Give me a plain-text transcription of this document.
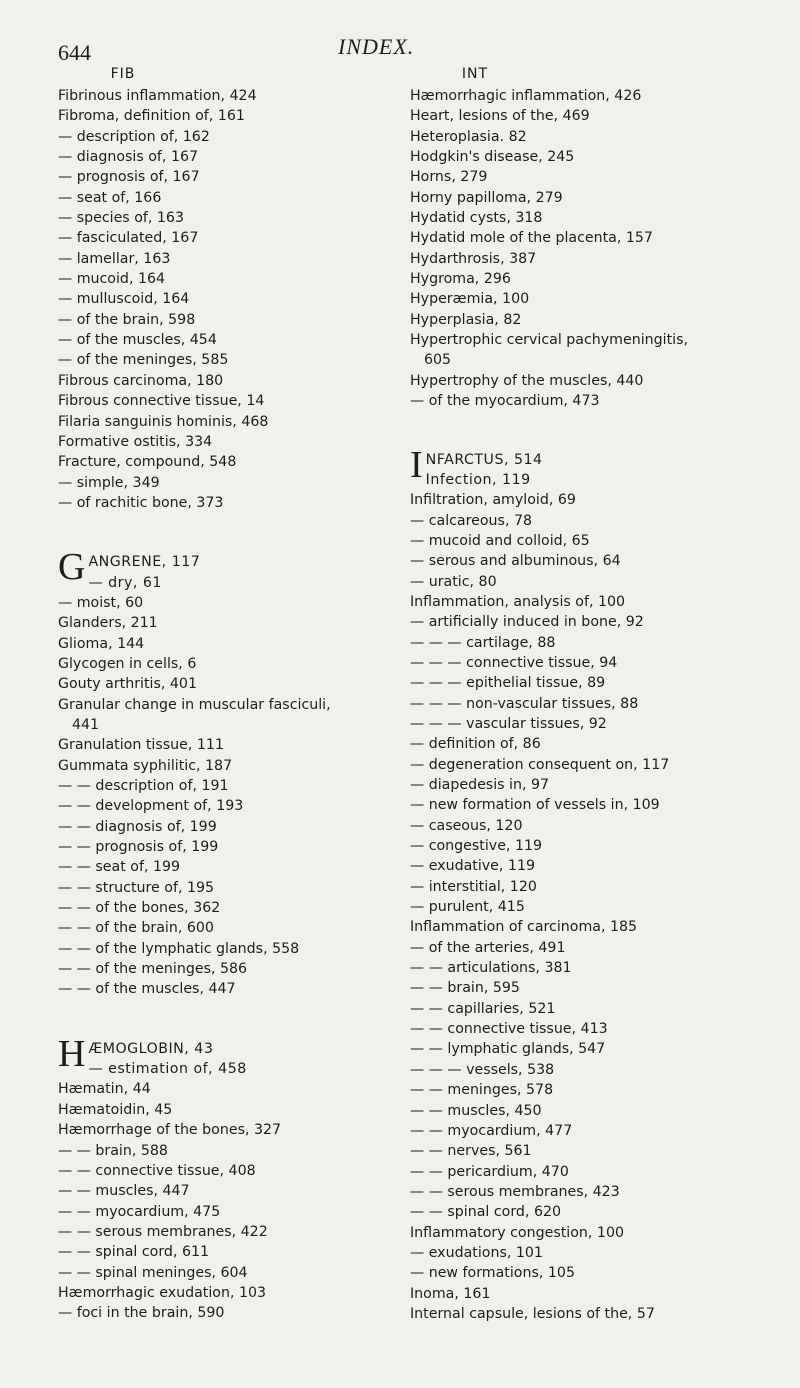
644	INDEX.
FIB
Fibrinous inflammation, 424
Fibroma, definition of, 161
— description of, 162
— diagnosis of, 167
— prognosis of, 167
— seat of, 166
— species of, 163
— fasciculated, 167
— lamellar, 163
— mucoid, 164
— mulluscoid, 164
— of the brain, 598
— of the muscles, 454
— of the meninges, 585
Fibrous carcinoma, 180
Fibrous connective tissue, 14
Filaria sanguinis hominis, 468
Formative ostitis, 334
Fracture, compound, 548
— simple, 349
— of rachitic bone, 373
G ANGRENE, 117
— dry, 61
— moist, 60
Glanders, 211
Glioma, 144
Glycogen in cells, 6
Gouty arthritis, 401
Granular change in muscular fasciculi,
441
Granulation tissue, 111
Gummata syphilitic, 187
— — description of, 191
— — development of, 193
— — diagnosis of, 199
— — prognosis of, 199
— — seat of, 199
— — structure of, 195
— — of the bones, 362
— — of the brain, 600
— — of the lymphatic glands, 558
— — of the meninges, 586
— — of the muscles, 447
H ÆMOGLOBIN, 43
— estimation of, 458
Hæmatin, 44
Hæmatoidin, 45
Hæmorrhage of the bones, 327
— — brain, 588
— — connective tissue, 408
— — muscles, 447
— — myocardium, 475
— — serous membranes, 422
— — spinal cord, 611
— — spinal meninges, 604
Hæmorrhagic exudation, 103
— foci in the brain, 590
INT
Hæmorrhagic inflammation, 426
Heart, lesions of the, 469
Heteroplasia. 82
Hodgkin's disease, 245
Horns, 279
Horny papilloma, 279
Hydatid cysts, 318
Hydatid mole of the placenta, 157
Hydarthrosis, 387
Hygroma, 296
Hyperæmia, 100
Hyperplasia, 82
Hypertrophic cervical pachymeningitis,
605
Hypertrophy of the muscles, 440
— of the myocardium, 473
I NFARCTUS, 514
Infection, 119
Infiltration, amyloid, 69
— calcareous, 78
— mucoid and colloid, 65
— serous and albuminous, 64
— uratic, 80
Inflammation, analysis of, 100
— artificially induced in bone, 92
— — — cartilage, 88
— — — connective tissue, 94
— — — epithelial tissue, 89
— — — non-vascular tissues, 88
— — — vascular tissues, 92
— definition of, 86
— degeneration consequent on, 117
— diapedesis in, 97
— new formation of vessels in, 109
— caseous, 120
— congestive, 119
— exudative, 119
— interstitial, 120
— purulent, 415
Inflammation of carcinoma, 185
— of the arteries, 491
— — articulations, 381
— — brain, 595
— — capillaries, 521
— — connective tissue, 413
— — lymphatic glands, 547
— — — vessels, 538
— — meninges, 578
— — muscles, 450
— — myocardium, 477
— — nerves, 561
— — pericardium, 470
— — serous membranes, 423
— — spinal cord, 620
Inflammatory congestion, 100
— exudations, 101
— new formations, 105
Inoma, 161
Internal capsule, lesions of the, 57
